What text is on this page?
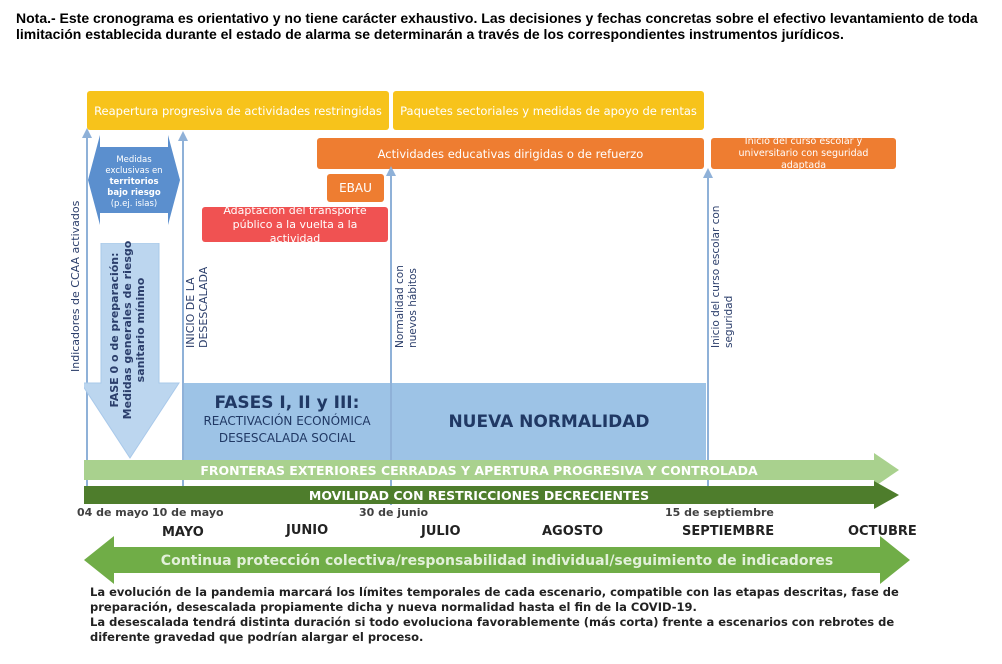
Nota.- Este cronograma es orientativo y no tiene carácter exhaustivo. Las decisiones y fechas concretas sobre el efectivo levantamiento de toda limitación establecida durante el estado de alarma se determinarán a través de los correspondientes instrumentos jurídicos.
Reapertura progresiva de actividades restringidas Paquetes sectoriales y medidas de apoyo de rentas
Actividades educativas dirigidas o de refuerzo
Inicio del curso escolar y universitario con seguridad adaptada
EBAU
Adaptación del transporte público a la vuelta a la actividad
Medidas
exclusivas en
territorios
bajo riesgo
(p.ej. islas)
FASE 0 o de preparación: Medidas generales de riesgo sanitario mínimo
Indicadores de CCAA activados	INICIO DE LA DESESCALADA	Normalidad con nuevos hábitos	Inicio del curso escolar con seguridad
FASES I, II y III:
REACTIVACIÓN ECONÓMICA
DESESCALADA SOCIAL
NUEVA NORMALIDAD
FRONTERAS EXTERIORES CERRADAS Y APERTURA PROGRESIVA Y CONTROLADA
MOVILIDAD CON RESTRICCIONES DECRECIENTES
04 de mayo 10 de mayo	30 de junio	15 de septiembre
MAYO	JUNIO	JULIO	AGOSTO	SEPTIEMBRE	OCTUBRE
Continua protección colectiva/responsabilidad individual/seguimiento de indicadores
La evolución de la pandemia marcará los límites temporales de cada escenario, compatible con las etapas descritas, fase de preparación, desescalada propiamente dicha y nueva normalidad hasta el fin de la COVID-19.
La desescalada tendrá distinta duración si todo evoluciona favorablemente (más corta) frente a escenarios con rebrotes de diferente gravedad que podrían alargar el proceso.
